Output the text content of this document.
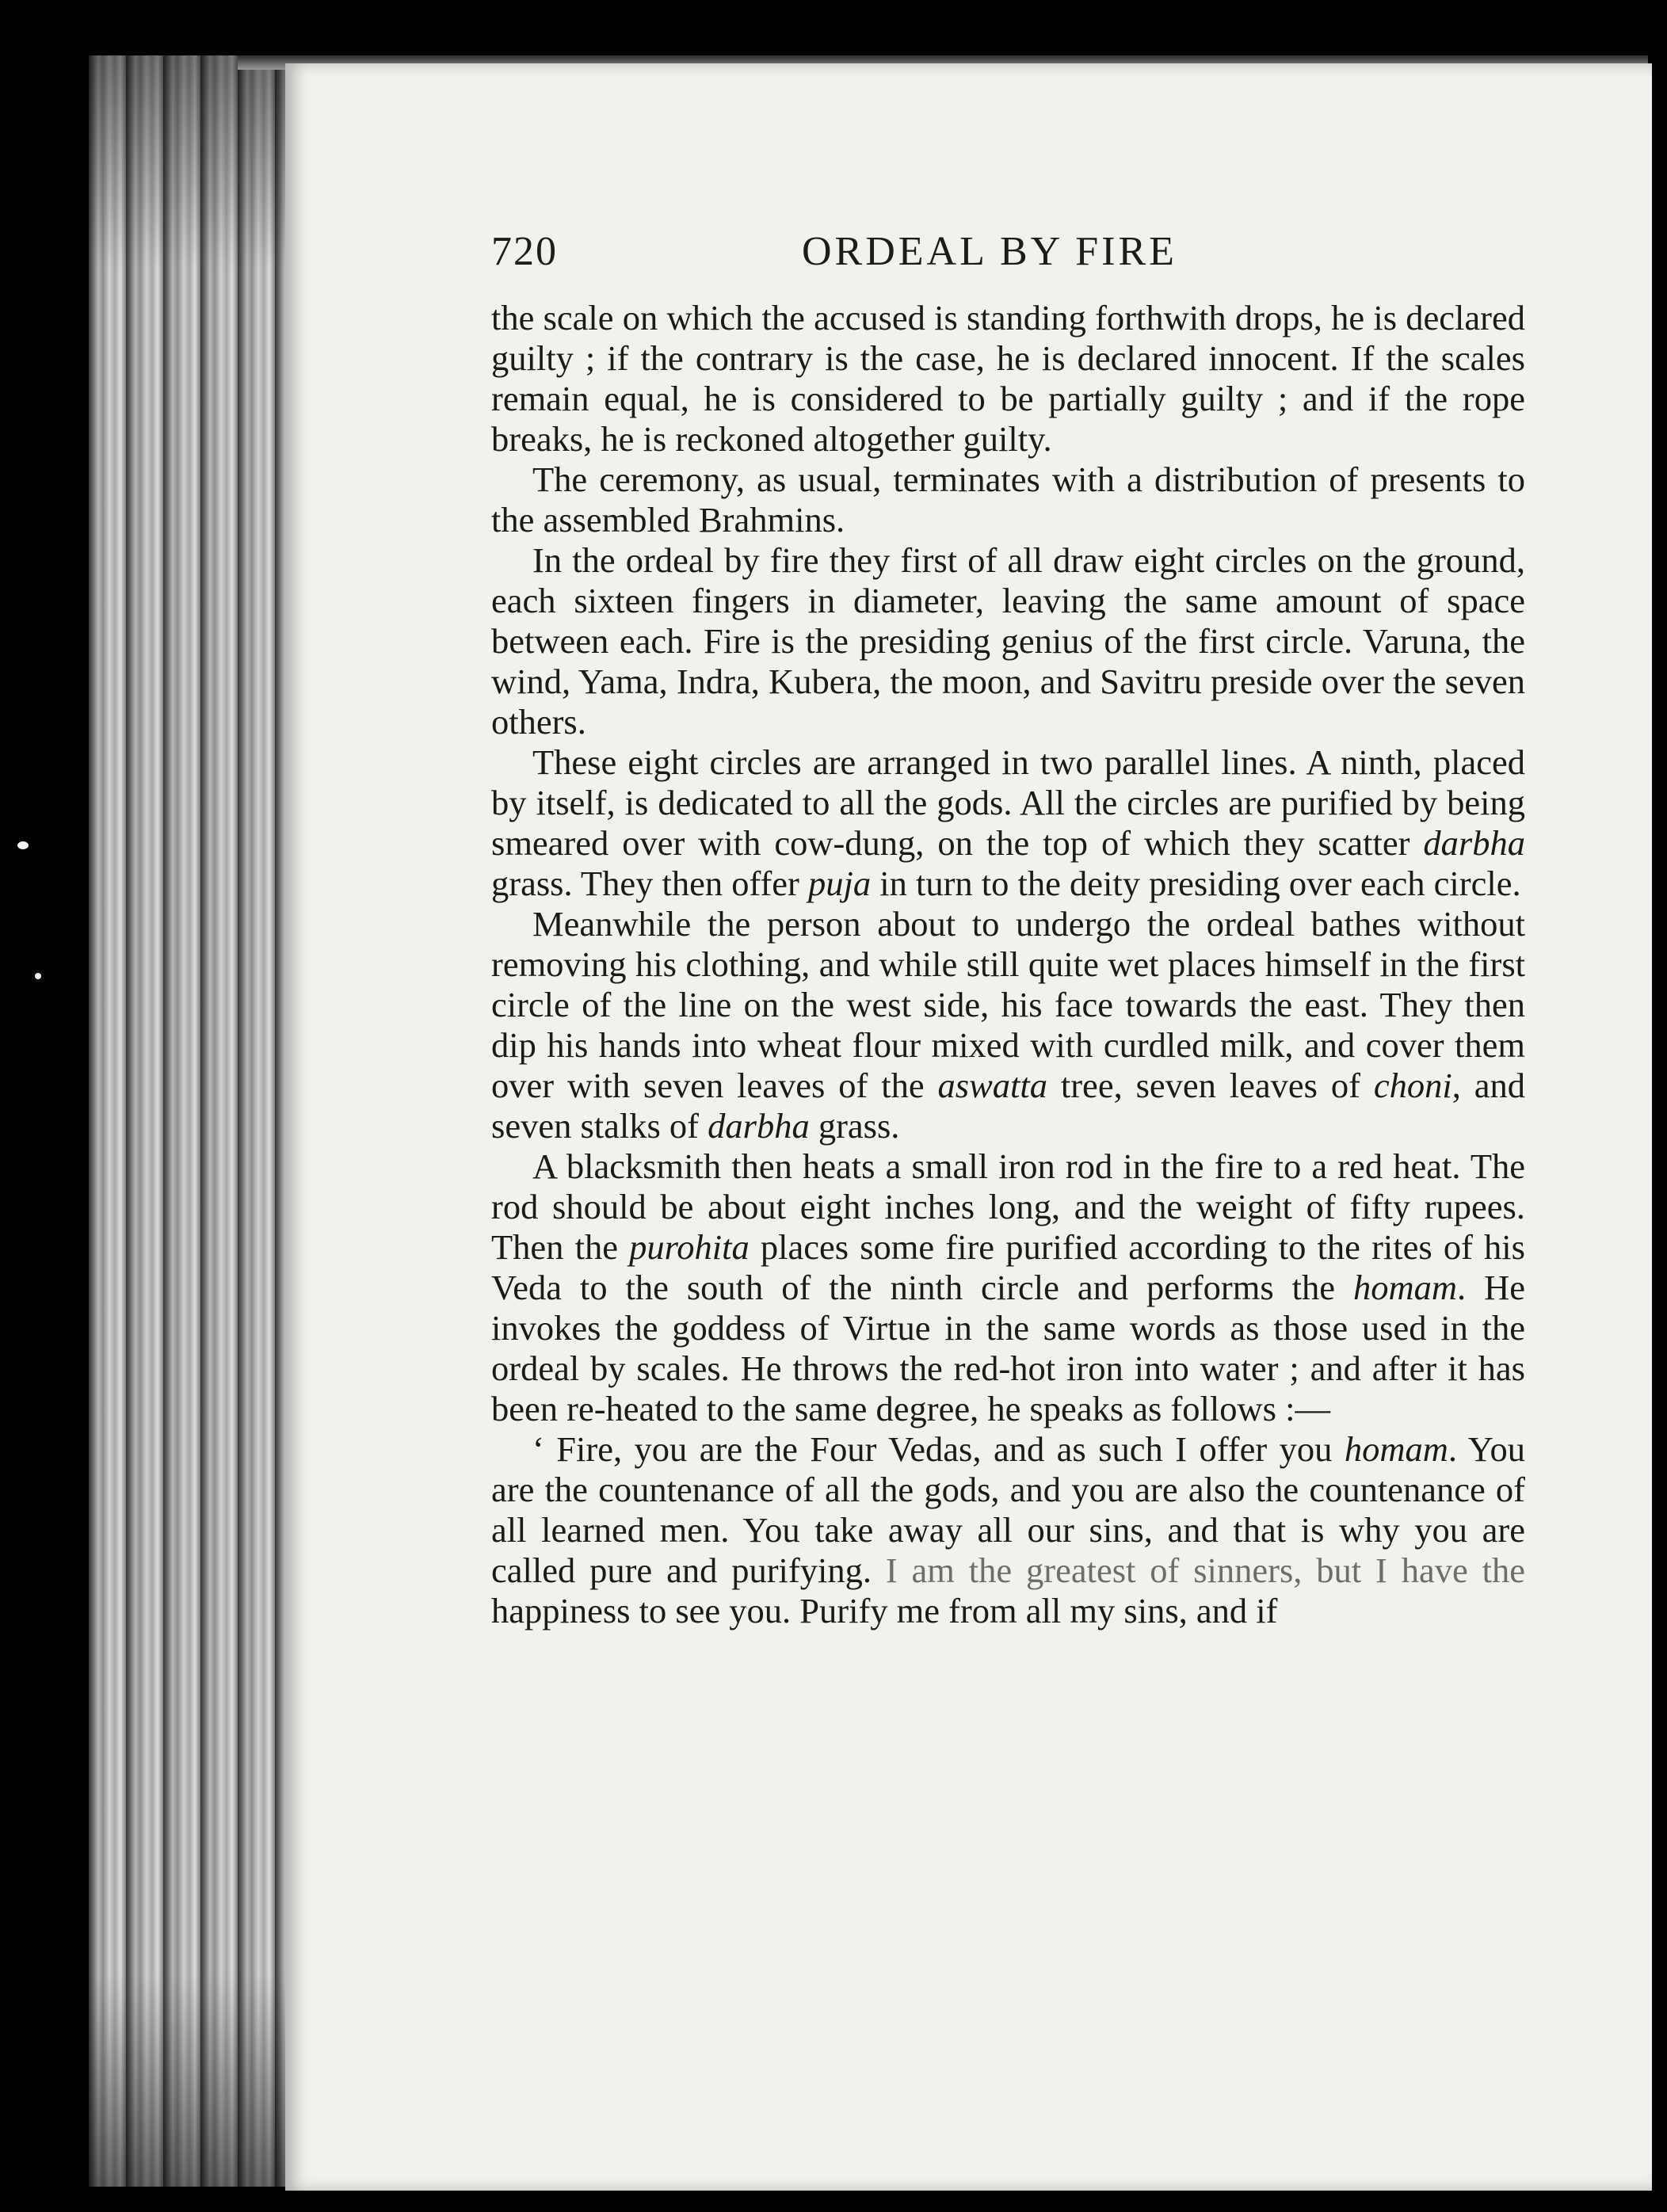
720	ORDEAL BY FIRE

the scale on which the accused is standing forthwith drops, he is declared guilty ; if the contrary is the case, he is declared innocent. If the scales remain equal, he is considered to be partially guilty ; and if the rope breaks, he is reckoned altogether guilty.

The ceremony, as usual, terminates with a distribution of presents to the assembled Brahmins.

In the ordeal by fire they first of all draw eight circles on the ground, each sixteen fingers in diameter, leaving the same amount of space between each. Fire is the presiding genius of the first circle. Varuna, the wind, Yama, Indra, Kubera, the moon, and Savitru preside over the seven others.

These eight circles are arranged in two parallel lines. A ninth, placed by itself, is dedicated to all the gods. All the circles are purified by being smeared over with cow-dung, on the top of which they scatter darbha grass. They then offer puja in turn to the deity presiding over each circle.

Meanwhile the person about to undergo the ordeal bathes without removing his clothing, and while still quite wet places himself in the first circle of the line on the west side, his face towards the east. They then dip his hands into wheat flour mixed with curdled milk, and cover them over with seven leaves of the aswatta tree, seven leaves of choni, and seven stalks of darbha grass.

A blacksmith then heats a small iron rod in the fire to a red heat. The rod should be about eight inches long, and the weight of fifty rupees. Then the purohita places some fire purified according to the rites of his Veda to the south of the ninth circle and performs the homam. He invokes the goddess of Virtue in the same words as those used in the ordeal by scales. He throws the red-hot iron into water ; and after it has been re-heated to the same degree, he speaks as follows :—

‘ Fire, you are the Four Vedas, and as such I offer you homam. You are the countenance of all the gods, and you are also the countenance of all learned men. You take away all our sins, and that is why you are called pure and purifying. I am the greatest of sinners, but I have the happiness to see you. Purify me from all my sins, and if
